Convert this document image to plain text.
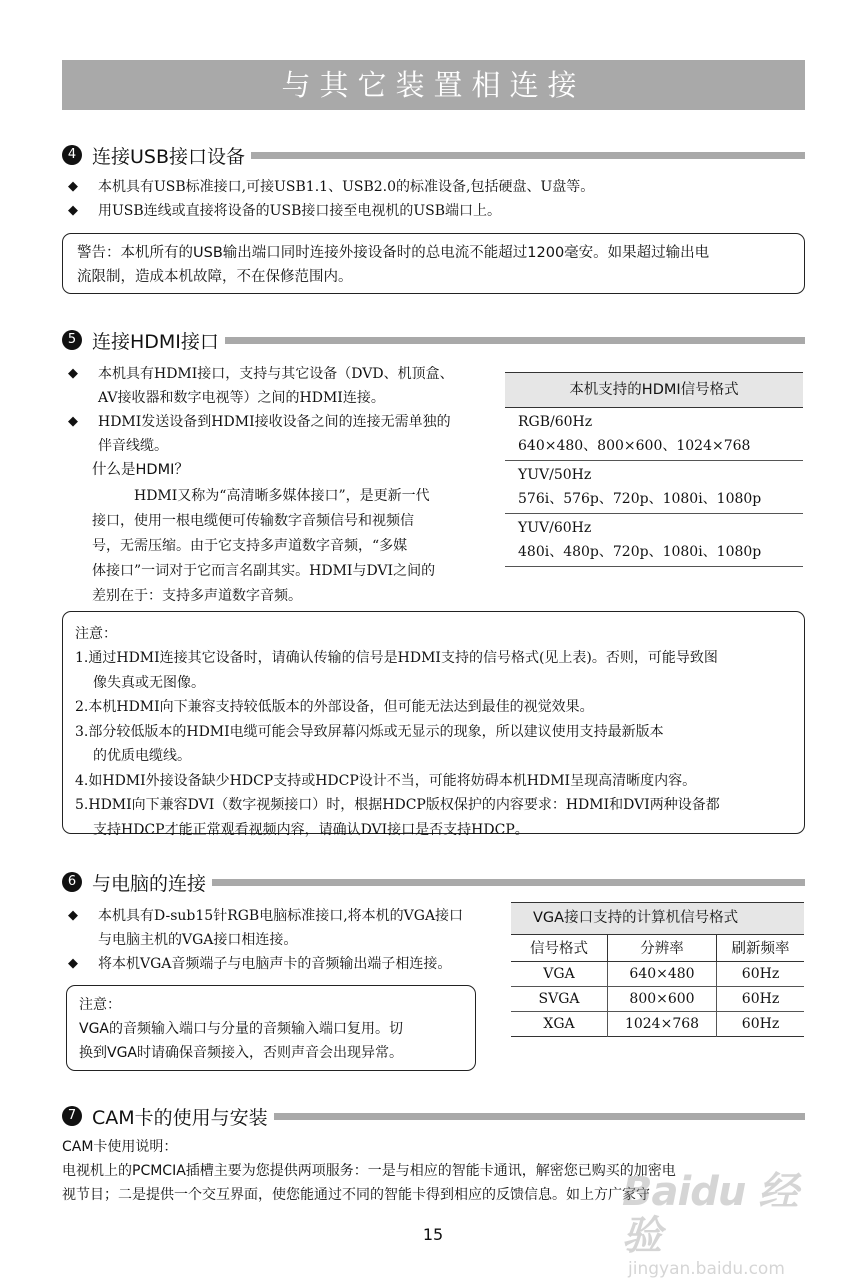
与其它装置相连接
4 连接USB接口设备
◆ 本机具有USB标准接口,可接USB1.1、USB2.0的标准设备,包括硬盘、U盘等。
◆ 用USB连线或直接将设备的USB接口接至电视机的USB端口上。
警告：本机所有的USB输出端口同时连接外接设备时的总电流不能超过1200毫安。如果超过输出电
流限制，造成本机故障，不在保修范围内。
5 连接HDMI接口
◆ 本机具有HDMI接口，支持与其它设备（DVD、机顶盒、
AV接收器和数字电视等）之间的HDMI连接。
◆ HDMI发送设备到HDMI接收设备之间的连接无需单独的
伴音线缆。
什么是HDMI？
HDMI又称为“高清晰多媒体接口”，是更新一代
接口，使用一根电缆便可传输数字音频信号和视频信
号，无需压缩。由于它支持多声道数字音频，“多媒
体接口”一词对于它而言名副其实。HDMI与DVI之间的
差别在于：支持多声道数字音频。
本机支持的HDMI信号格式
RGB/60Hz
640×480、800×600、1024×768
YUV/50Hz
576i、576p、720p、1080i、1080p
YUV/60Hz
480i、480p、720p、1080i、1080p
注意：
1.通过HDMI连接其它设备时，请确认传输的信号是HDMI支持的信号格式(见上表)。否则，可能导致图
像失真或无图像。
2.本机HDMI向下兼容支持较低版本的外部设备，但可能无法达到最佳的视觉效果。
3.部分较低版本的HDMI电缆可能会导致屏幕闪烁或无显示的现象，所以建议使用支持最新版本
的优质电缆线。
4.如HDMI外接设备缺少HDCP支持或HDCP设计不当，可能将妨碍本机HDMI呈现高清晰度内容。
5.HDMI向下兼容DVI（数字视频接口）时，根据HDCP版权保护的内容要求：HDMI和DVI两种设备都
支持HDCP才能正常观看视频内容，请确认DVI接口是否支持HDCP。
6 与电脑的连接
◆ 本机具有D-sub15针RGB电脑标准接口,将本机的VGA接口
与电脑主机的VGA接口相连接。
◆ 将本机VGA音频端子与电脑声卡的音频输出端子相连接。
注意：
VGA的音频输入端口与分量的音频输入端口复用。切
换到VGA时请确保音频接入，否则声音会出现异常。
VGA接口支持的计算机信号格式
信号格式	分辨率	刷新频率
VGA	640×480	60Hz
SVGA	800×600	60Hz
XGA	1024×768	60Hz
7 CAM卡的使用与安装
CAM卡使用说明：
电视机上的PCMCIA插槽主要为您提供两项服务：一是与相应的智能卡通讯，解密您已购买的加密电
视节目；二是提供一个交互界面，使您能通过不同的智能卡得到相应的反馈信息。如上方广家守
15
Baidu 经验
jingyan.baidu.com
